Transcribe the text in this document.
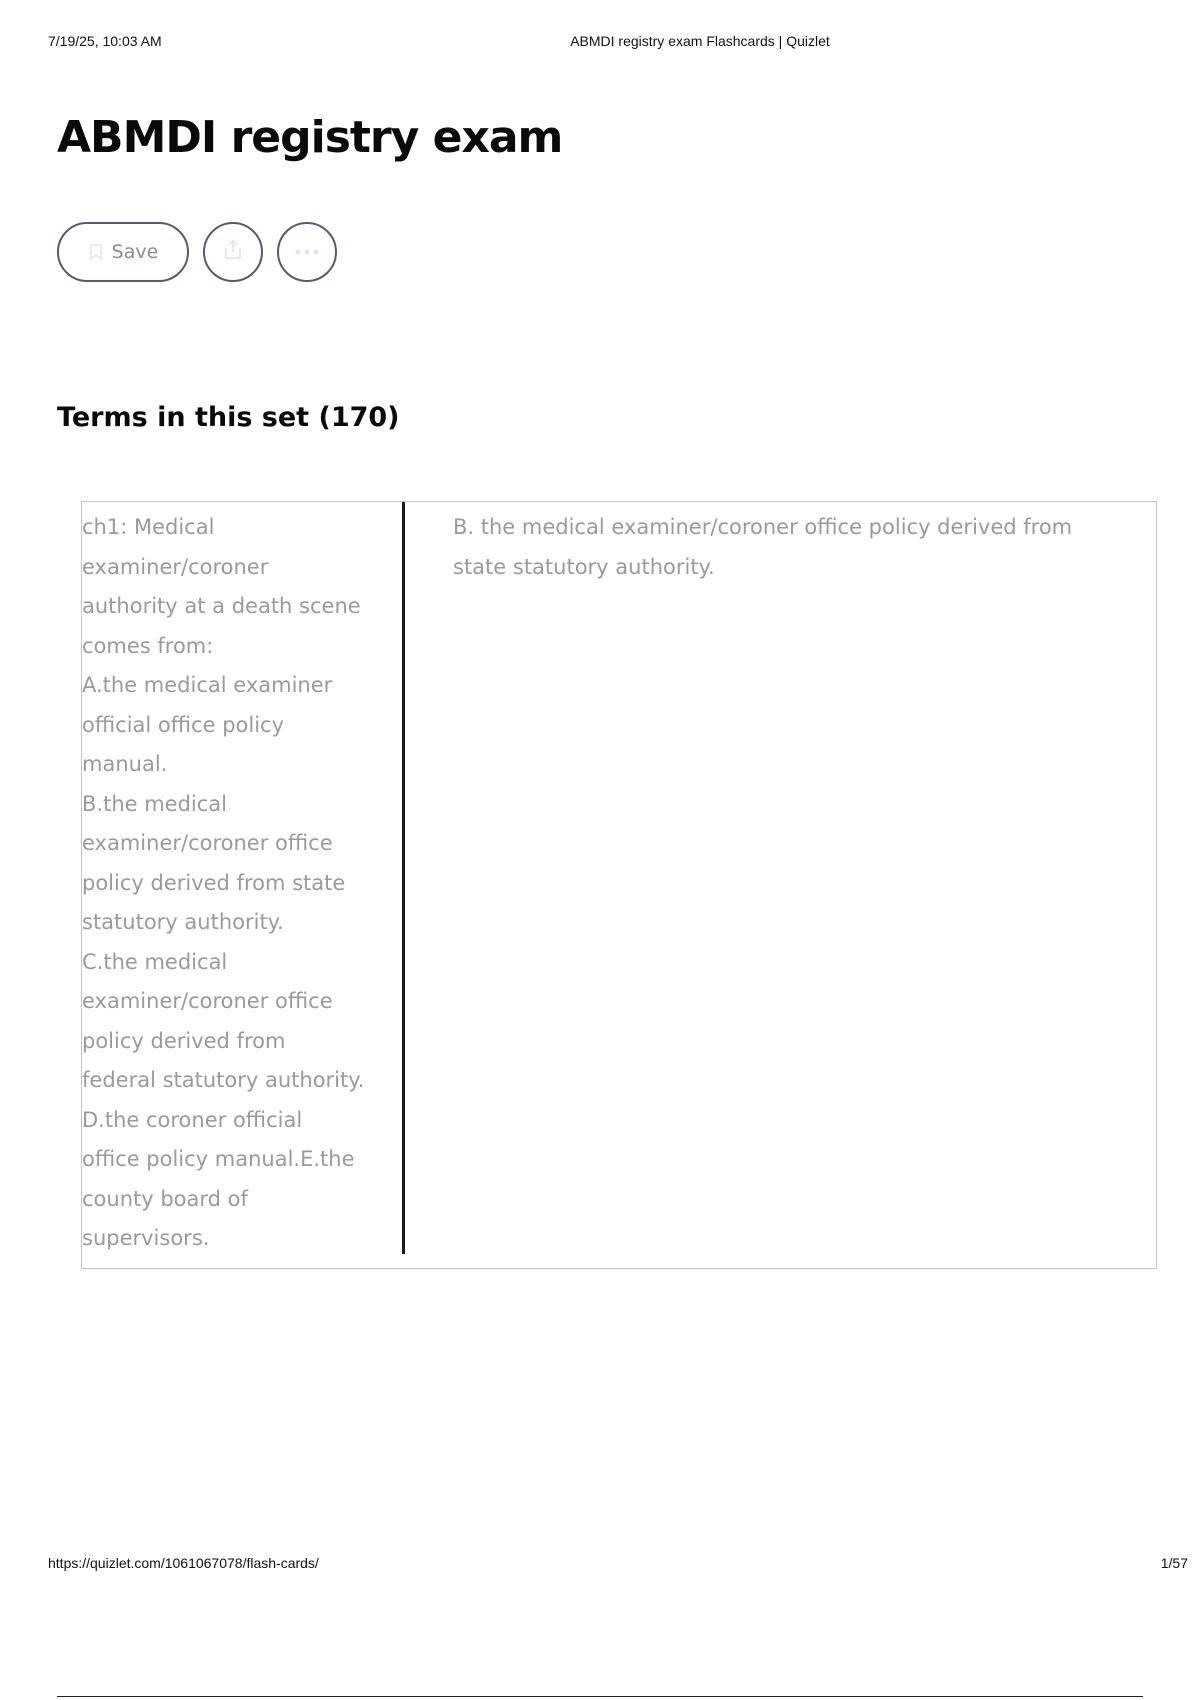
7/19/25, 10:03 AM	ABMDI registry exam Flashcards | Quizlet
ABMDI registry exam
Save
Terms in this set (170)
ch1: Medical
examiner/coroner
authority at a death scene
comes from:
A.the medical examiner
official office policy
manual.
B.the medical
examiner/coroner office
policy derived from state
statutory authority.
C.the medical
examiner/coroner office
policy derived from
federal statutory authority.
D.the coroner official
office policy manual.E.the
county board of
supervisors.
B. the medical examiner/coroner office policy derived from state statutory authority.
https://quizlet.com/1061067078/flash-cards/	1/57
